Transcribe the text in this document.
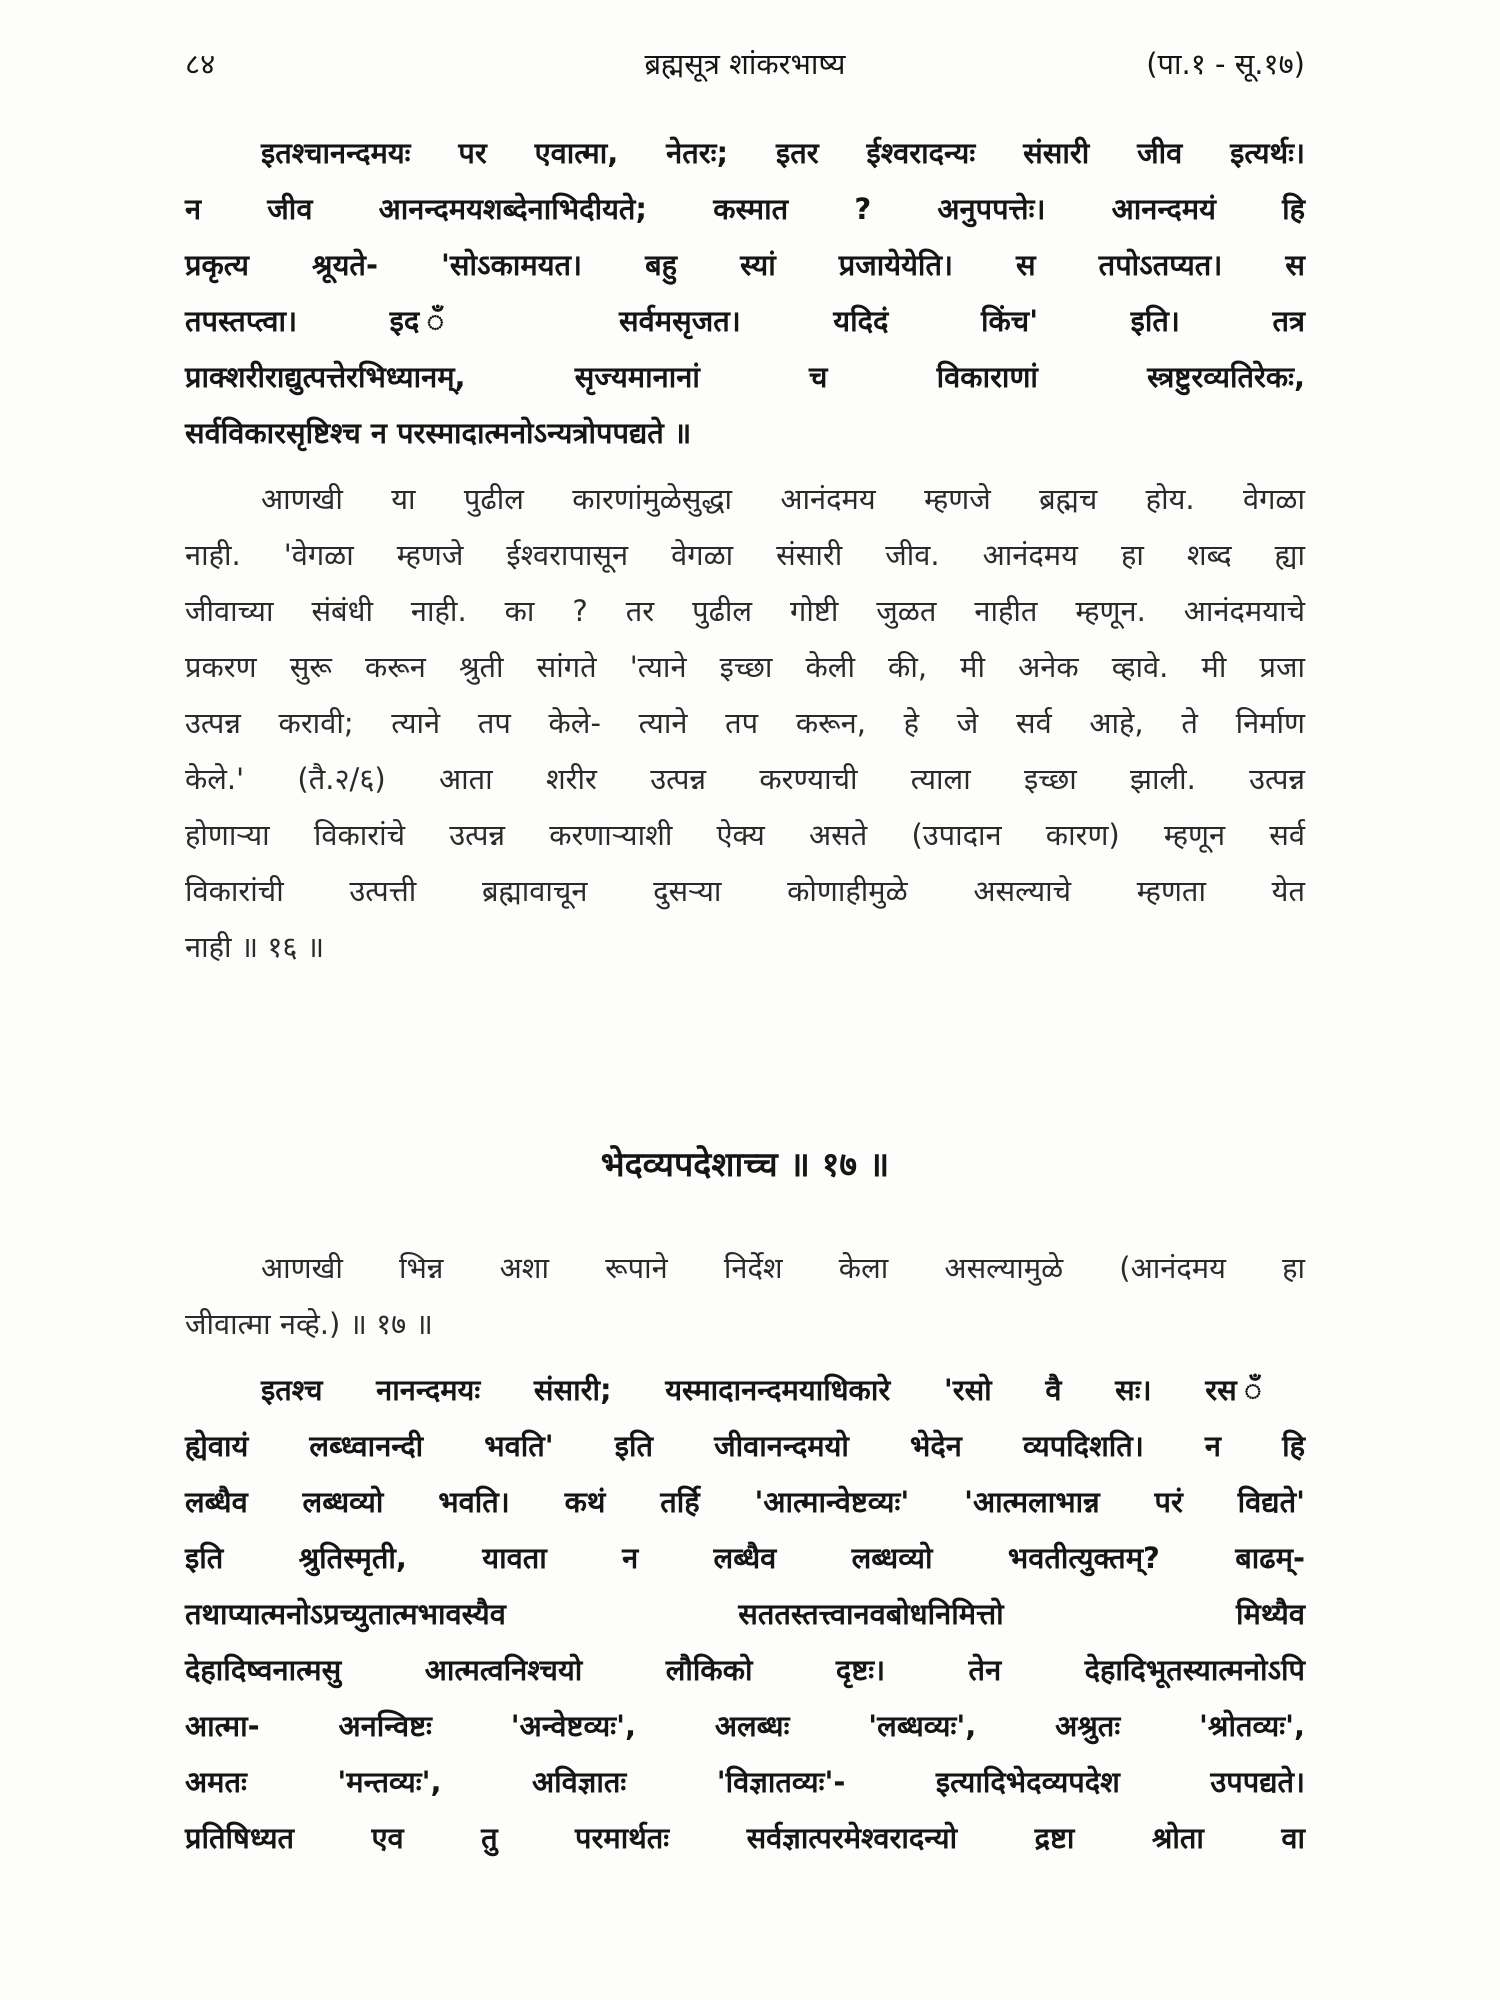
८४	ब्रह्मसूत्र शांकरभाष्य	(पा.१ - सू.१७)

इतश्चानन्दमयः पर एवात्मा, नेतरः; इतर ईश्वरादन्यः संसारी जीव इत्यर्थः।
न जीव आनन्दमयशब्देनाभिदीयते; कस्मात ? अनुपपत्तेः। आनन्दमयं हि
प्रकृत्य श्रूयते- 'सोऽकामयत। बहु स्यां प्रजायेयेति। स तपोऽतप्यत। स
तपस्तप्त्वा। इद ँ सर्वमसृजत। यदिदं किंच' इति। तत्र
प्राक्शरीराद्युत्पत्तेरभिध्यानम्, सृज्यमानानां च विकाराणां स्त्रष्टुरव्यतिरेकः,
सर्वविकारसृष्टिश्च न परस्मादात्मनोऽन्यत्रोपपद्यते ॥

आणखी या पुढील कारणांमुळेसुद्धा आनंदमय म्हणजे ब्रह्मच होय. वेगळा
नाही. 'वेगळा म्हणजे ईश्वरापासून वेगळा संसारी जीव. आनंदमय हा शब्द ह्या
जीवाच्या संबंधी नाही. का ? तर पुढील गोष्टी जुळत नाहीत म्हणून. आनंदमयाचे
प्रकरण सुरू करून श्रुती सांगते 'त्याने इच्छा केली की, मी अनेक व्हावे. मी प्रजा
उत्पन्न करावी; त्याने तप केले- त्याने तप करून, हे जे सर्व आहे, ते निर्माण
केले.' (तै.२/६) आता शरीर उत्पन्न करण्याची त्याला इच्छा झाली. उत्पन्न
होणाऱ्या विकारांचे उत्पन्न करणाऱ्याशी ऐक्य असते (उपादान कारण) म्हणून सर्व
विकारांची उत्पत्ती ब्रह्मावाचून दुसऱ्या कोणाहीमुळे असल्याचे म्हणता येत
नाही ॥ १६ ॥

भेदव्यपदेशाच्च ॥ १७ ॥

आणखी भिन्न अशा रूपाने निर्देश केला असल्यामुळे (आनंदमय हा
जीवात्मा नव्हे.) ॥ १७ ॥

इतश्च नानन्दमयः संसारी; यस्मादानन्दमयाधिकारे 'रसो वै सः। रस ँ
ह्येवायं लब्ध्वानन्दी भवति' इति जीवानन्दमयो भेदेन व्यपदिशति। न हि
लब्धैव लब्धव्यो भवति। कथं तर्हि 'आत्मान्वेष्टव्यः' 'आत्मलाभान्न परं विद्यते'
इति श्रुतिस्मृती, यावता न लब्धैव लब्धव्यो भवतीत्युक्तम्? बाढम्-
तथाप्यात्मनोऽप्रच्युतात्मभावस्यैव सततस्तत्त्वानवबोधनिमित्तो मिथ्यैव
देहादिष्वनात्मसु आत्मत्वनिश्चयो लौकिको दृष्टः। तेन देहादिभूतस्यात्मनोऽपि
आत्मा- अनन्विष्टः 'अन्वेष्टव्यः', अलब्धः 'लब्धव्यः', अश्रुतः 'श्रोतव्यः',
अमतः 'मन्तव्यः', अविज्ञातः 'विज्ञातव्यः'- इत्यादिभेदव्यपदेश उपपद्यते।
प्रतिषिध्यत एव तु परमार्थतः सर्वज्ञात्परमेश्वरादन्यो द्रष्टा श्रोता वा
